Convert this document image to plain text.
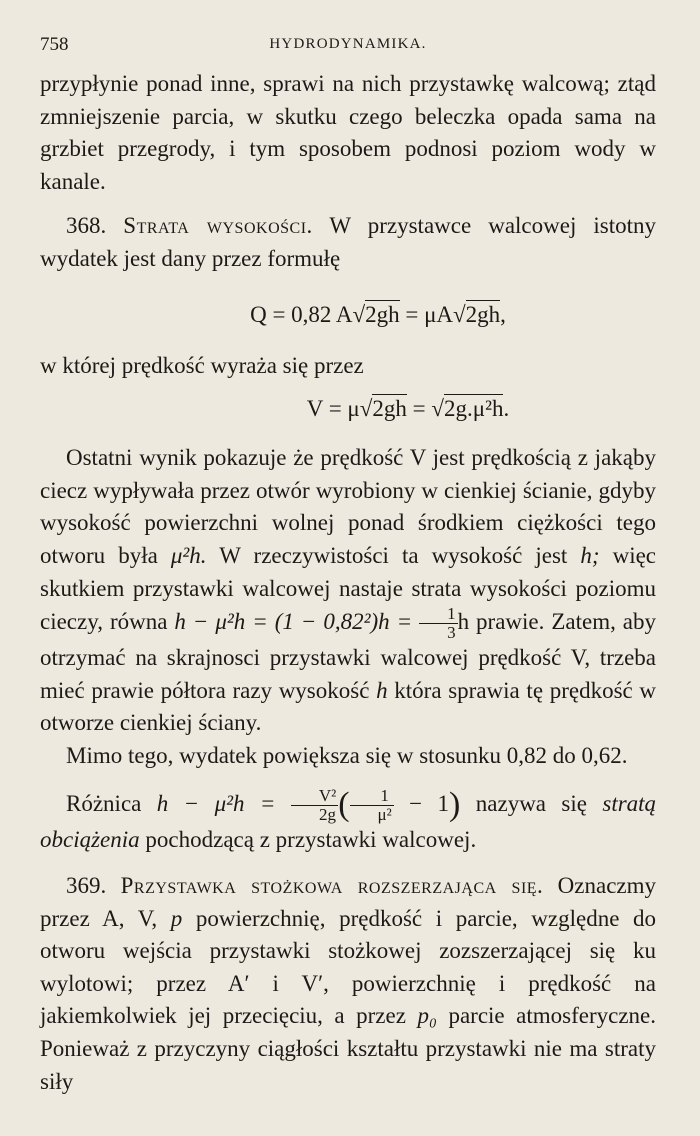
758	HYDRODYNAMIKA.

przypłynie ponad inne, sprawi na nich przystawkę walcową; ztąd zmniejszenie parcia, w skutku czego beleczka opada sama na grzbiet przegrody, i tym sposobem podnosi poziom wody w kanale.

368. Strata wysokości. W przystawce walcowej istotny wydatek jest dany przez formułę

Q = 0,82 A√2gh = μA√2gh,

w której prędkość wyraża się przez

V = μ√2gh = √2g.μ²h.

Ostatni wynik pokazuje że prędkość V jest prędkością z jakąby ciecz wypływała przez otwór wyrobiony w cienkiej ścianie, gdyby wysokość powierzchni wolnej ponad środkiem ciężkości tego otworu była μ²h. W rzeczywistości ta wysokość jest h; więc skutkiem przystawki walcowej nastaje strata wysokości poziomu cieczy, równa $h - \mu^2h = (1 - 0,82^2)h = \frac{1}{3}$ h prawie. Zatem, aby otrzymać na skrajnosci przystawki walcowej prędkość V, trzeba mieć prawie półtora razy wysokość h która sprawia tę prędkość w otworze cienkiej ściany.

Mimo tego, wydatek powiększa się w stosunku 0,82 do 0,62.

Różnica $h - \mu^2h = \frac{\text{V²}}{2g}$ ( $\frac{1}{\text{μ²}} - 1$) nazywa się stratą obciążenia pochodzącą z przystawki walcowej.

369. Przystawka stożkowa rozszerzająca się. Oznaczmy przez A, V, p powierzchnię, prędkość i parcie, względne do otworu wejścia przystawki stożkowej zozszerzającej się ku wylotowi; przez A′ i V′, powierzchnię i prędkość na jakiemkolwiek jej przecięciu, a przez p₀ parcie atmosferyczne. Ponieważ z przyczyny ciągłości kształtu przystawki nie ma straty siły
